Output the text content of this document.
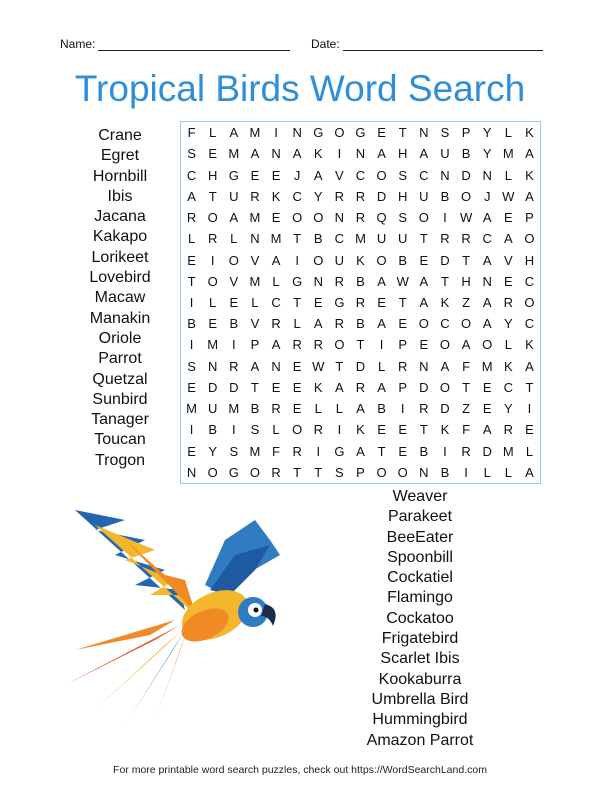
Name:	Date:
Tropical Birds Word Search
F	L	A M	I	N G O G E T N S P Y	L	K
S E M A N A K	I	N A H A U B Y M A
C H G E E	J	A V C O S C N D N L	K
A T U R K C Y R R D H U B O J W A
R O A M E O O N R Q S O	I	W A E P
L R L N M T B C M U U T R R C A O
E	I	O V A	I	O U K O B E D T A V H
T O V M L G N R B A W A T H N E C
I	L	E	L C T E G R E T A K Z A R O
B E B V R L	A R B A E O C O A Y C
I	M	I	P A R R O T	I	P E O A O L	K
S N R A N E W T D L R N A F M K A
E D D T E E K A R A P D O T E C T
M U M B R E	L	L	A B	I	R D Z E Y	I
I	B	I	S	L O R	I	K E E T K F A R E
E Y S M F R	I	G A T E B	I	R D M L
N O G O R T	T S P O O N B	I	L	L	A
Crane
Egret
Hornbill
Ibis
Jacana
Kakapo
Lorikeet
Lovebird
Macaw
Manakin
Oriole
Parrot
Quetzal
Sunbird
Tanager
Toucan
Trogon
Weaver
Parakeet
BeeEater
Spoonbill
Cockatiel
Flamingo
Cockatoo
Frigatebird
Scarlet Ibis
Kookaburra
Umbrella Bird
Hummingbird
Amazon Parrot
For more printable word search puzzles, check out https://WordSearchLand.com
